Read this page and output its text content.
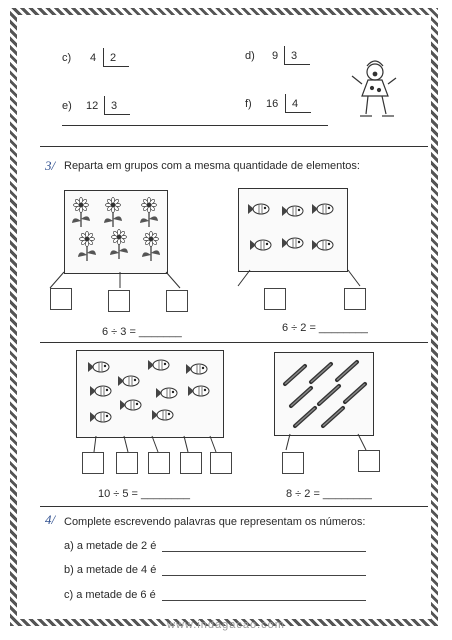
c) 4 2	d) 9 3
e) 12 3	f) 16 4
3/ Reparta em grupos com a mesma quantidade de elementos:
6 ÷ 3 = _______	6 ÷ 2 = ________
10 ÷ 5 = ________	8 ÷ 2 = ________
4/ Complete escrevendo palavras que representam os números:
a) a metade de 2 é
b) a metade de 4 é
c) a metade de 6 é
www.indagacao.com
